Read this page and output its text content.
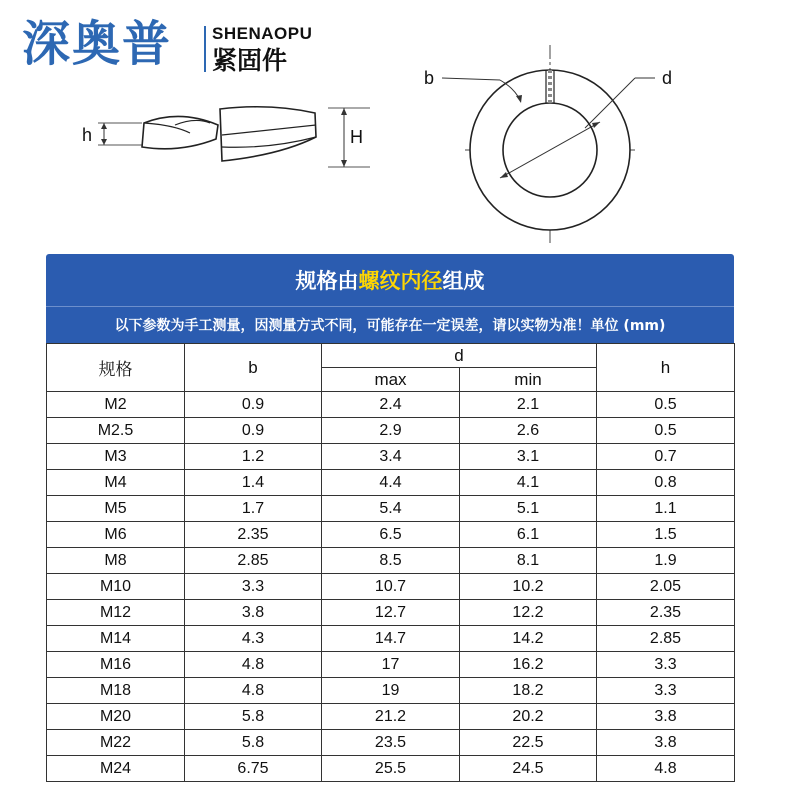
深奥普 SHENAOPU
紧固件
h	H
b	d
规格由 螺纹内径 组成
以下参数为手工测量，因测量方式不同，可能存在一定误差，请以实物为准！单位 (mm)
规格	b	d		h
		max	min	
M2	0.9	2.4	2.1	0.5
M2.5	0.9	2.9	2.6	0.5
M3	1.2	3.4	3.1	0.7
M4	1.4	4.4	4.1	0.8
M5	1.7	5.4	5.1	1.1
M6	2.35	6.5	6.1	1.5
M8	2.85	8.5	8.1	1.9
M10	3.3	10.7	10.2	2.05
M12	3.8	12.7	12.2	2.35
M14	4.3	14.7	14.2	2.85
M16	4.8	17	16.2	3.3
M18	4.8	19	18.2	3.3
M20	5.8	21.2	20.2	3.8
M22	5.8	23.5	22.5	3.8
M24	6.75	25.5	24.5	4.8
